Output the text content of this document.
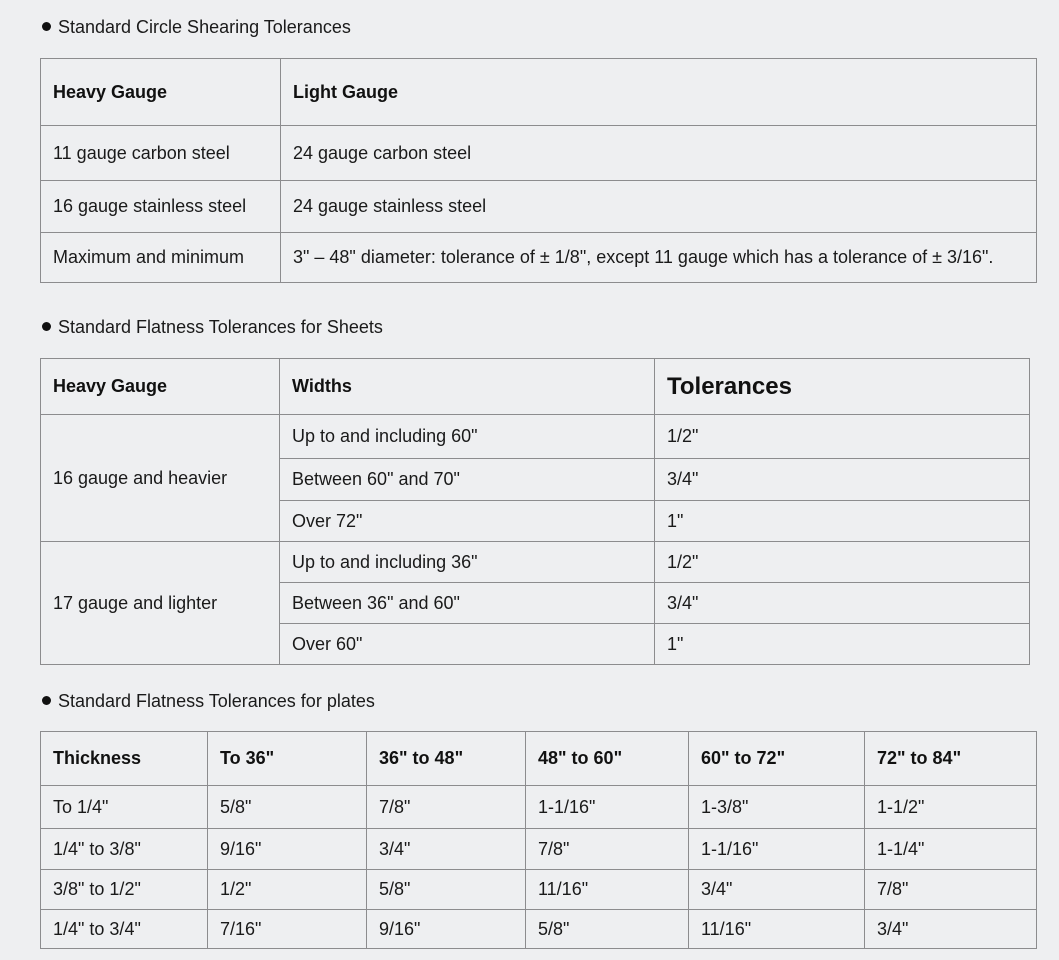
Standard Circle Shearing Tolerances
Heavy Gauge	Light Gauge
11 gauge carbon steel	24 gauge carbon steel
16 gauge stainless steel	24 gauge stainless steel
Maximum and minimum	3" – 48" diameter: tolerance of ± 1/8", except 11 gauge which has a tolerance of ± 3/16".
Standard Flatness Tolerances for Sheets
Heavy Gauge	Widths	Tolerances
16 gauge and heavier	Up to and including 60"	1/2"
	Between 60" and 70"	3/4"
	Over 72"	1"
17 gauge and lighter	Up to and including 36"	1/2"
	Between 36" and 60"	3/4"
	Over 60"	1"
Standard Flatness Tolerances for plates
Thickness	To 36"	36" to 48"	48" to 60"	60" to 72"	72" to 84"
To 1/4"	5/8"	7/8"	1-1/16"	1-3/8"	1-1/2"
1/4" to 3/8"	9/16"	3/4"	7/8"	1-1/16"	1-1/4"
3/8" to 1/2"	1/2"	5/8"	11/16"	3/4"	7/8"
1/4" to 3/4"	7/16"	9/16"	5/8"	11/16"	3/4"
